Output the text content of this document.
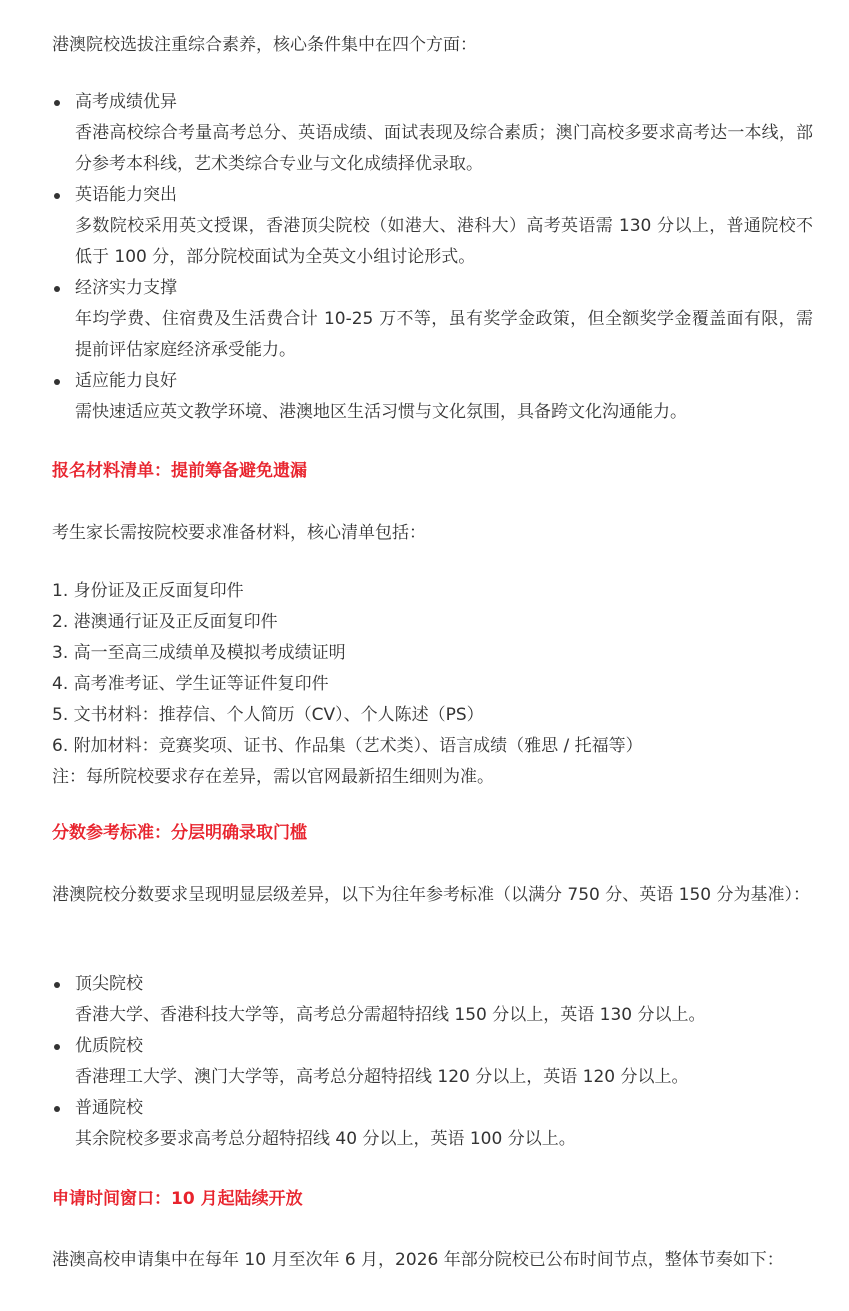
港澳院校选拔注重综合素养，核心条件集中在四个方面：

高考成绩优异
香港高校综合考量高考总分、英语成绩、面试表现及综合素质；澳门高校多要求高考达一本线，部分参考本科线，艺术类综合专业与文化成绩择优录取。
英语能力突出
多数院校采用英文授课，香港顶尖院校（如港大、港科大）高考英语需 130 分以上，普通院校不低于 100 分，部分院校面试为全英文小组讨论形式。
经济实力支撑
年均学费、住宿费及生活费合计 10-25 万不等，虽有奖学金政策，但全额奖学金覆盖面有限，需提前评估家庭经济承受能力。
适应能力良好
需快速适应英文教学环境、港澳地区生活习惯与文化氛围，具备跨文化沟通能力。
报名材料清单：提前筹备避免遗漏

考生家长需按院校要求准备材料，核心清单包括：

1. 身份证及正反面复印件
2. 港澳通行证及正反面复印件
3. 高一至高三成绩单及模拟考成绩证明
4. 高考准考证、学生证等证件复印件
5. 文书材料：推荐信、个人简历（CV）、个人陈述（PS）
6. 附加材料：竞赛奖项、证书、作品集（艺术类）、语言成绩（雅思 / 托福等）
注：每所院校要求存在差异，需以官网最新招生细则为准。
分数参考标准：分层明确录取门槛

港澳院校分数要求呈现明显层级差异，以下为往年参考标准（以满分 750 分、英语 150 分为基准）：

顶尖院校
香港大学、香港科技大学等，高考总分需超特招线 150 分以上，英语 130 分以上。
优质院校
香港理工大学、澳门大学等，高考总分超特招线 120 分以上，英语 120 分以上。
普通院校
其余院校多要求高考总分超特招线 40 分以上，英语 100 分以上。
申请时间窗口：10 月起陆续开放

港澳高校申请集中在每年 10 月至次年 6 月，2026 年部分院校已公布时间节点，整体节奏如下：
